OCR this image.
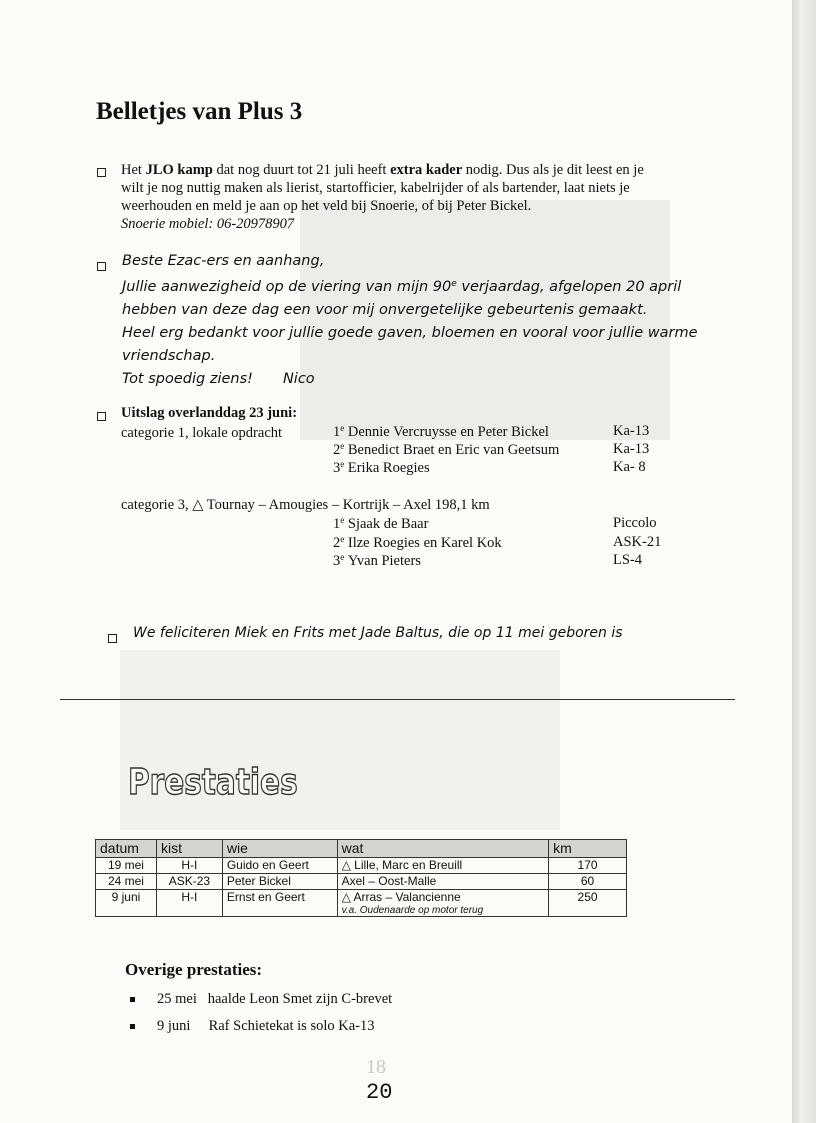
Belletjes van Plus 3
Het JLO kamp dat nog duurt tot 21 juli heeft extra kader nodig. Dus als je dit leest en je
wilt je nog nuttig maken als lierist, startofficier, kabelrijder of als bartender, laat niets je
weerhouden en meld je aan op het veld bij Snoerie, of bij Peter Bickel.
Snoerie mobiel: 06-20978907
Beste Ezac-ers en aanhang,
Jullie aanwezigheid op de viering van mijn 90e verjaardag, afgelopen 20 april
hebben van deze dag een voor mij onvergetelijke gebeurtenis gemaakt.
Heel erg bedankt voor jullie goede gaven, bloemen en vooral voor jullie warme
vriendschap.
Tot spoedig ziens! Nico
Uitslag overlanddag 23 juni:
categorie 1, lokale opdracht	1e Dennie Vercruysse en Peter Bickel	Ka-13
2e Benedict Braet en Eric van Geetsum	Ka-13
3e Erika Roegies	Ka- 8
categorie 3, △ Tournay – Amougies – Kortrijk – Axel 198,1 km
1e Sjaak de Baar	Piccolo
2e Ilze Roegies en Karel Kok	ASK-21
3e Yvan Pieters	LS-4
We feliciteren Miek en Frits met Jade Baltus, die op 11 mei geboren is
Prestaties
datum	kist	wie	wat	km
19 mei	H-I	Guido en Geert	△ Lille, Marc en Breuill	170
24 mei	ASK-23	Peter Bickel	Axel – Oost-Malle	60
9 juni	H-I	Ernst en Geert	△ Arras – Valancienne
v.a. Oudenaarde op motor terug	250
Overige prestaties:
25 mei haalde Leon Smet zijn C-brevet
9 juni Raf Schietekat is solo Ka-13
18
20
